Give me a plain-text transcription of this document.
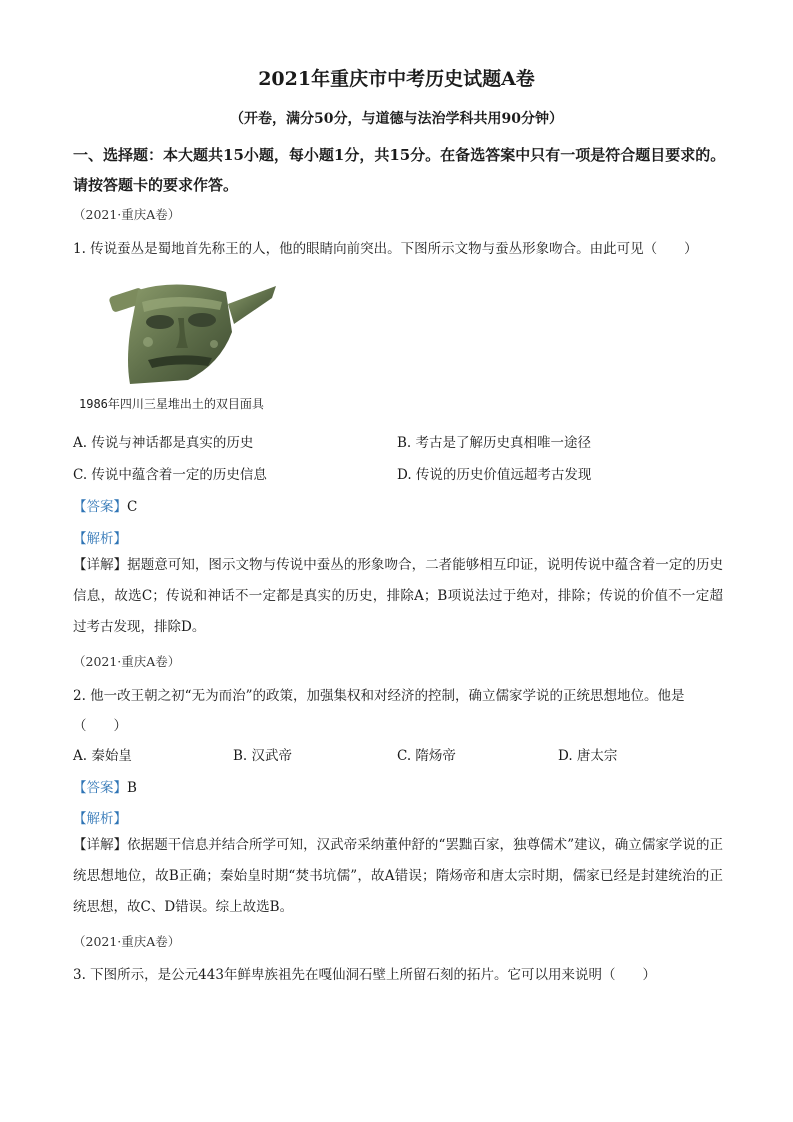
2021年重庆市中考历史试题A卷
（开卷，满分50分，与道德与法治学科共用90分钟）
一、选择题：本大题共15小题，每小题1分，共15分。在备选答案中只有一项是符合题目要求的。请按答题卡的要求作答。
（2021·重庆A卷）
1. 传说蚕丛是蜀地首先称王的人，他的眼睛向前突出。下图所示文物与蚕丛形象吻合。由此可见（　　）
1986年四川三星堆出土的双目面具
A. 传说与神话都是真实的历史	B. 考古是了解历史真相唯一途径
C. 传说中蕴含着一定的历史信息	D. 传说的历史价值远超考古发现
【答案】C
【解析】
【详解】据题意可知，图示文物与传说中蚕丛的形象吻合，二者能够相互印证，说明传说中蕴含着一定的历史信息，故选C；传说和神话不一定都是真实的历史，排除A；B项说法过于绝对，排除；传说的价值不一定超过考古发现，排除D。
（2021·重庆A卷）
2. 他一改王朝之初“无为而治”的政策，加强集权和对经济的控制，确立儒家学说的正统思想地位。他是
（　　）
A. 秦始皇	B. 汉武帝	C. 隋炀帝	D. 唐太宗
【答案】B
【解析】
【详解】依据题干信息并结合所学可知，汉武帝采纳董仲舒的“罢黜百家，独尊儒术”建议，确立儒家学说的正统思想地位，故B正确；秦始皇时期“焚书坑儒”，故A错误；隋炀帝和唐太宗时期，儒家已经是封建统治的正统思想，故C、D错误。综上故选B。
（2021·重庆A卷）
3. 下图所示，是公元443年鲜卑族祖先在嘎仙洞石壁上所留石刻的拓片。它可以用来说明（　　）
